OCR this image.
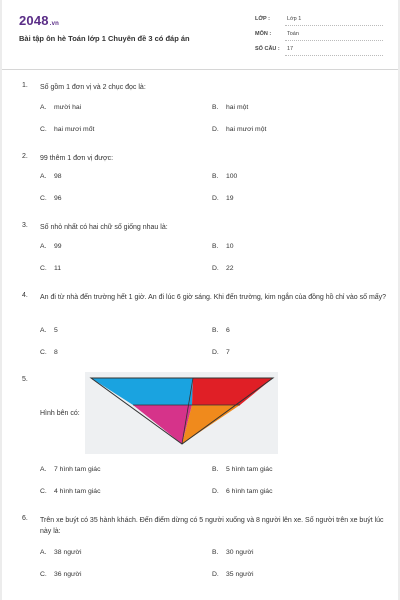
2048.vn
Bài tập ôn hè Toán lớp 1 Chuyên đề 3 có đáp án
LỚP :	Lớp 1
MÔN :	Toán
SỐ CÂU : 17
1. Số gồm 1 đơn vị và 2 chục đọc là:
A. mười hai	B. hai một
C. hai mươi mốt	D. hai mươi một
2. 99 thêm 1 đơn vị được:
A. 98	B. 100
C. 96	D. 19
3. Số nhỏ nhất có hai chữ số giống nhau là:
A. 99	B. 10
C. 11	D. 22
4. An đi từ nhà đến trường hết 1 giờ. An đi lúc 6 giờ sáng. Khi đến trường, kim ngắn của đồng hồ chỉ vào số mấy?
A. 5	B. 6
C. 8	D. 7
5.
Hình bên có:
A. 7 hình tam giác	B. 5 hình tam giác
C. 4 hình tam giác	D. 6 hình tam giác
6. Trên xe buýt có 35 hành khách. Đến điểm dừng có 5 người xuống và 8 người lên xe. Số người trên xe buýt lúc này là:
A. 38 người	B. 30 người
C. 36 người	D. 35 người
